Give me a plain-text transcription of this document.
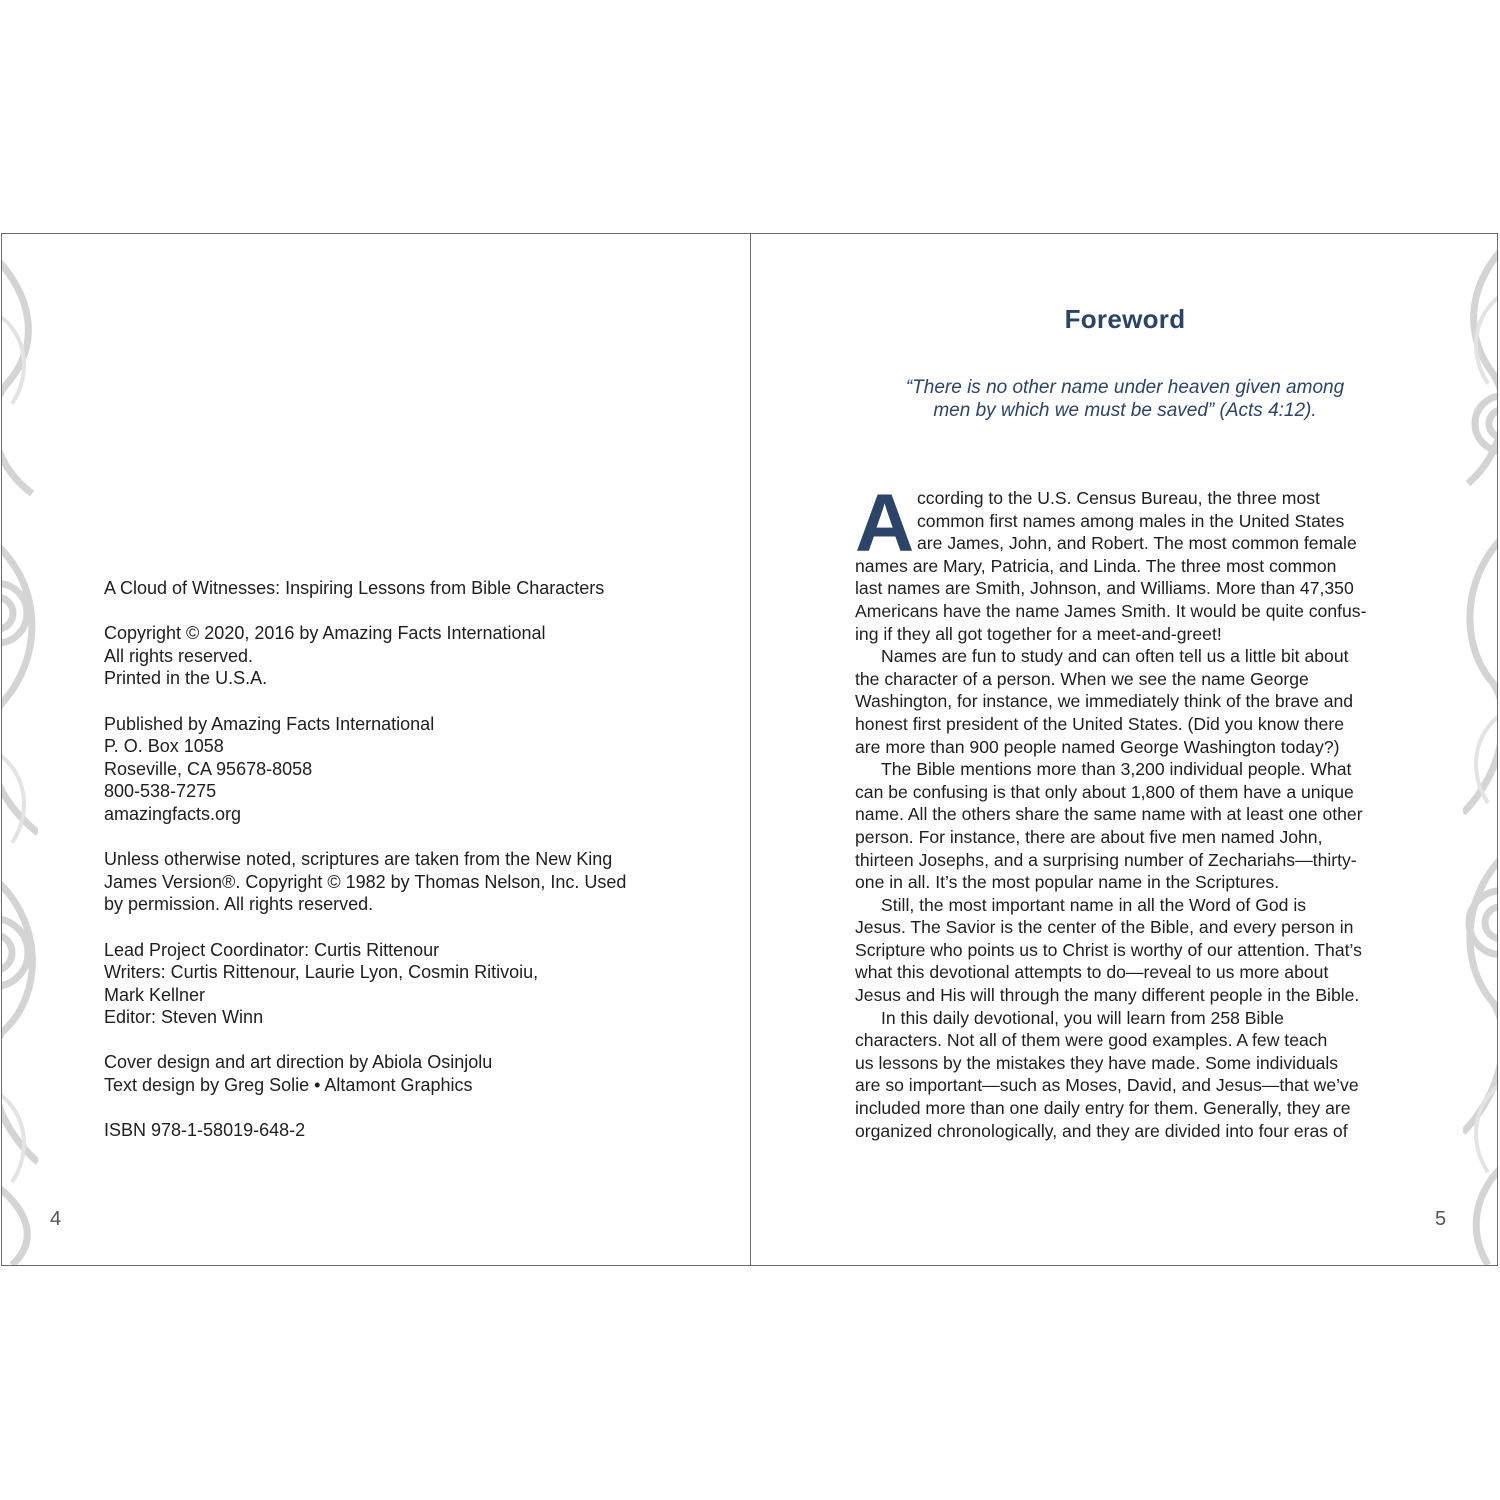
A Cloud of Witnesses: Inspiring Lessons from Bible Characters

Copyright © 2020, 2016 by Amazing Facts International
All rights reserved.
Printed in the U.S.A.

Published by Amazing Facts International
P. O. Box 1058
Roseville, CA 95678-8058
800-538-7275
amazingfacts.org

Unless otherwise noted, scriptures are taken from the New King
James Version®. Copyright © 1982 by Thomas Nelson, Inc. Used
by permission. All rights reserved.

Lead Project Coordinator: Curtis Rittenour
Writers: Curtis Rittenour, Laurie Lyon, Cosmin Ritivoiu,
Mark Kellner
Editor: Steven Winn

Cover design and art direction by Abiola Osinjolu
Text design by Greg Solie • Altamont Graphics

ISBN 978-1-58019-648-2

4
Foreword
“There is no other name under heaven given among
men by which we must be saved” (Acts 4:12).
A ccording to the U.S. Census Bureau, the three most
common first names among males in the United States
are James, John, and Robert. The most common female
names are Mary, Patricia, and Linda. The three most common
last names are Smith, Johnson, and Williams. More than 47,350
Americans have the name James Smith. It would be quite confus-
ing if they all got together for a meet-and-greet!
Names are fun to study and can often tell us a little bit about
the character of a person. When we see the name George
Washington, for instance, we immediately think of the brave and
honest first president of the United States. (Did you know there
are more than 900 people named George Washington today?)
The Bible mentions more than 3,200 individual people. What
can be confusing is that only about 1,800 of them have a unique
name. All the others share the same name with at least one other
person. For instance, there are about five men named John,
thirteen Josephs, and a surprising number of Zechariahs—thirty-
one in all. It’s the most popular name in the Scriptures.
Still, the most important name in all the Word of God is
Jesus. The Savior is the center of the Bible, and every person in
Scripture who points us to Christ is worthy of our attention. That’s
what this devotional attempts to do—reveal to us more about
Jesus and His will through the many different people in the Bible.
In this daily devotional, you will learn from 258 Bible
characters. Not all of them were good examples. A few teach
us lessons by the mistakes they have made. Some individuals
are so important—such as Moses, David, and Jesus—that we’ve
included more than one daily entry for them. Generally, they are
organized chronologically, and they are divided into four eras of
5
